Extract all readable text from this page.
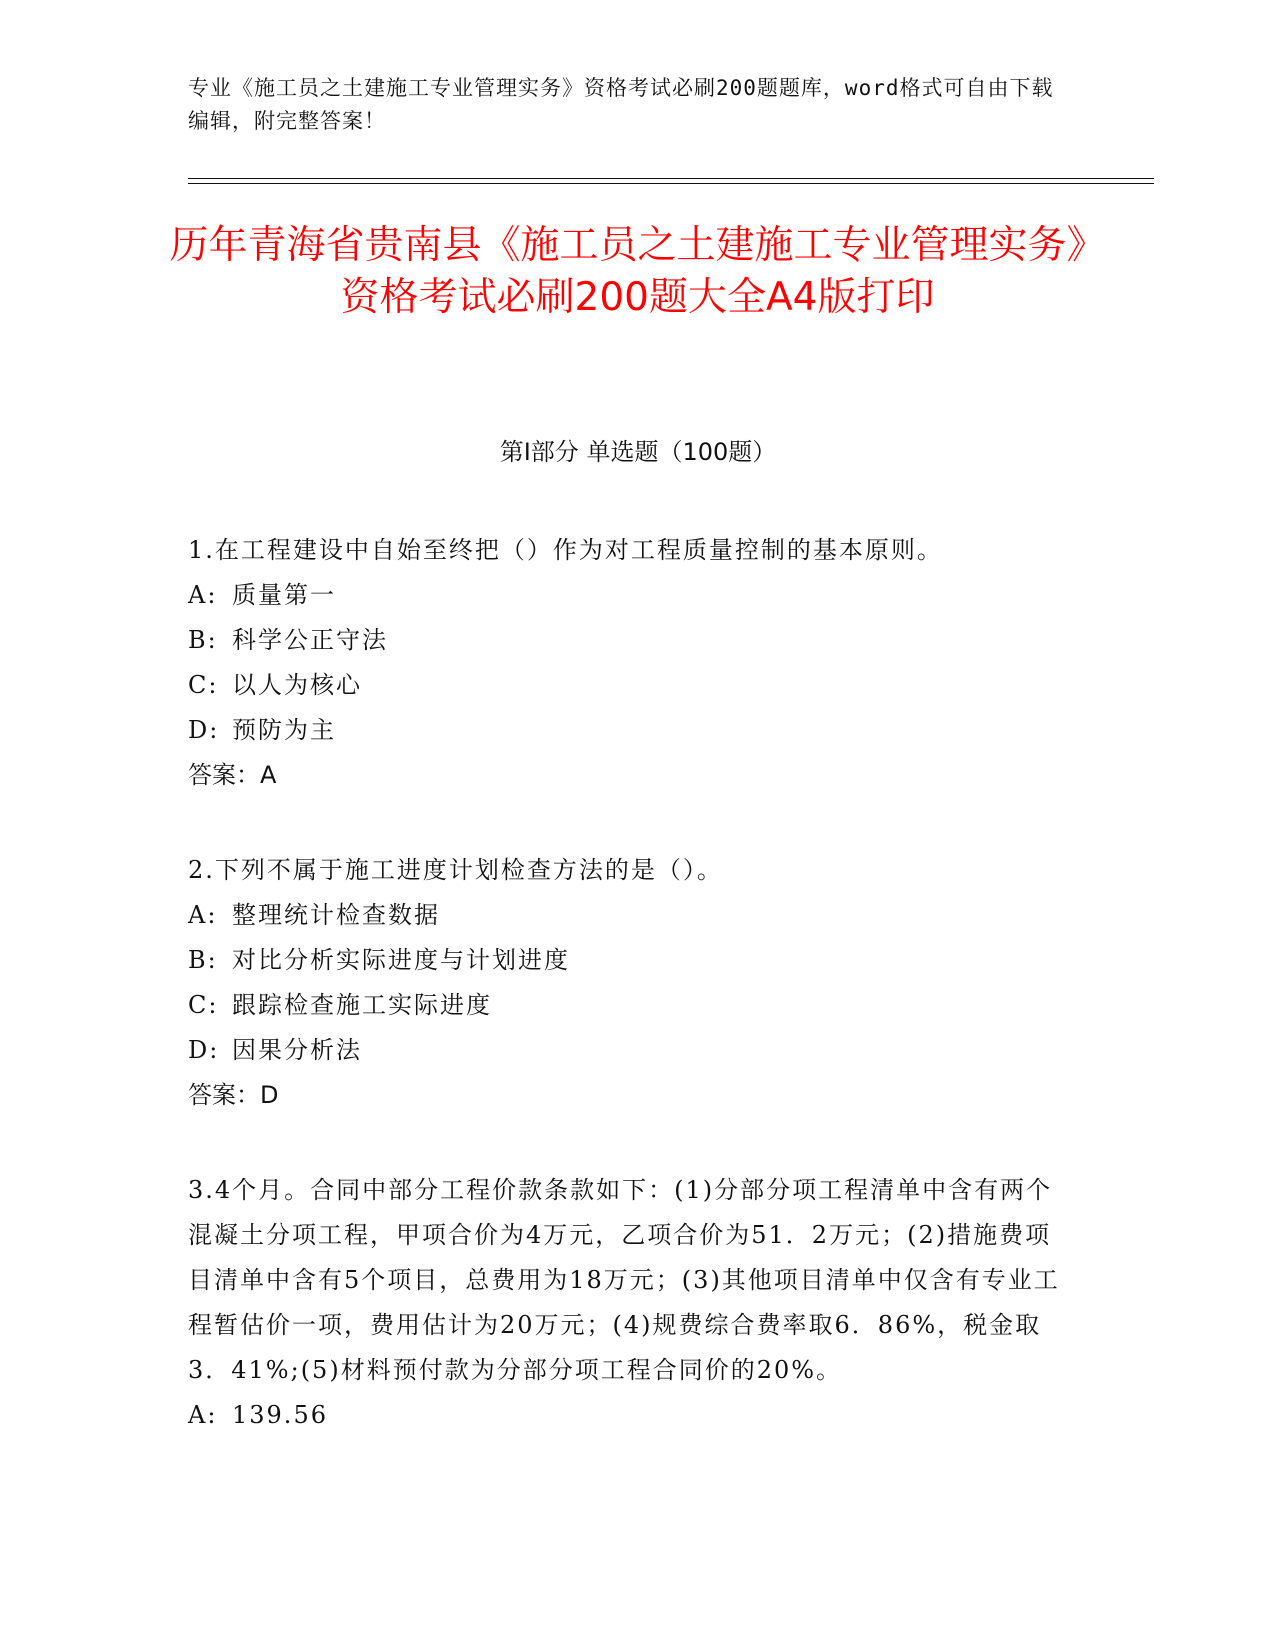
专业《施工员之土建施工专业管理实务》资格考试必刷200题题库，word格式可自由下载编辑，附完整答案！
历年青海省贵南县《施工员之土建施工专业管理实务》资格考试必刷200题大全A4版打印
第Ⅰ部分 单选题（100题）

1.在工程建设中自始至终把（）作为对工程质量控制的基本原则。

A: 质量第一
B: 科学公正守法
C: 以人为核心
D: 预防为主
答案：A

2.下列不属于施工进度计划检查方法的是（）。

A: 整理统计检查数据
B: 对比分析实际进度与计划进度
C: 跟踪检查施工实际进度
D: 因果分析法
答案：D

3.4个月。合同中部分工程价款条款如下：(1)分部分项工程清单中含有两个混凝土分项工程，甲项合价为4万元，乙项合价为51．2万元；(2)措施费项目清单中含有5个项目，总费用为18万元；(3)其他项目清单中仅含有专业工程暂估价一项，费用估计为20万元；(4)规费综合费率取6．86%，税金取3．41%;(5)材料预付款为分部分项工程合同价的20%。

A: 139.56
